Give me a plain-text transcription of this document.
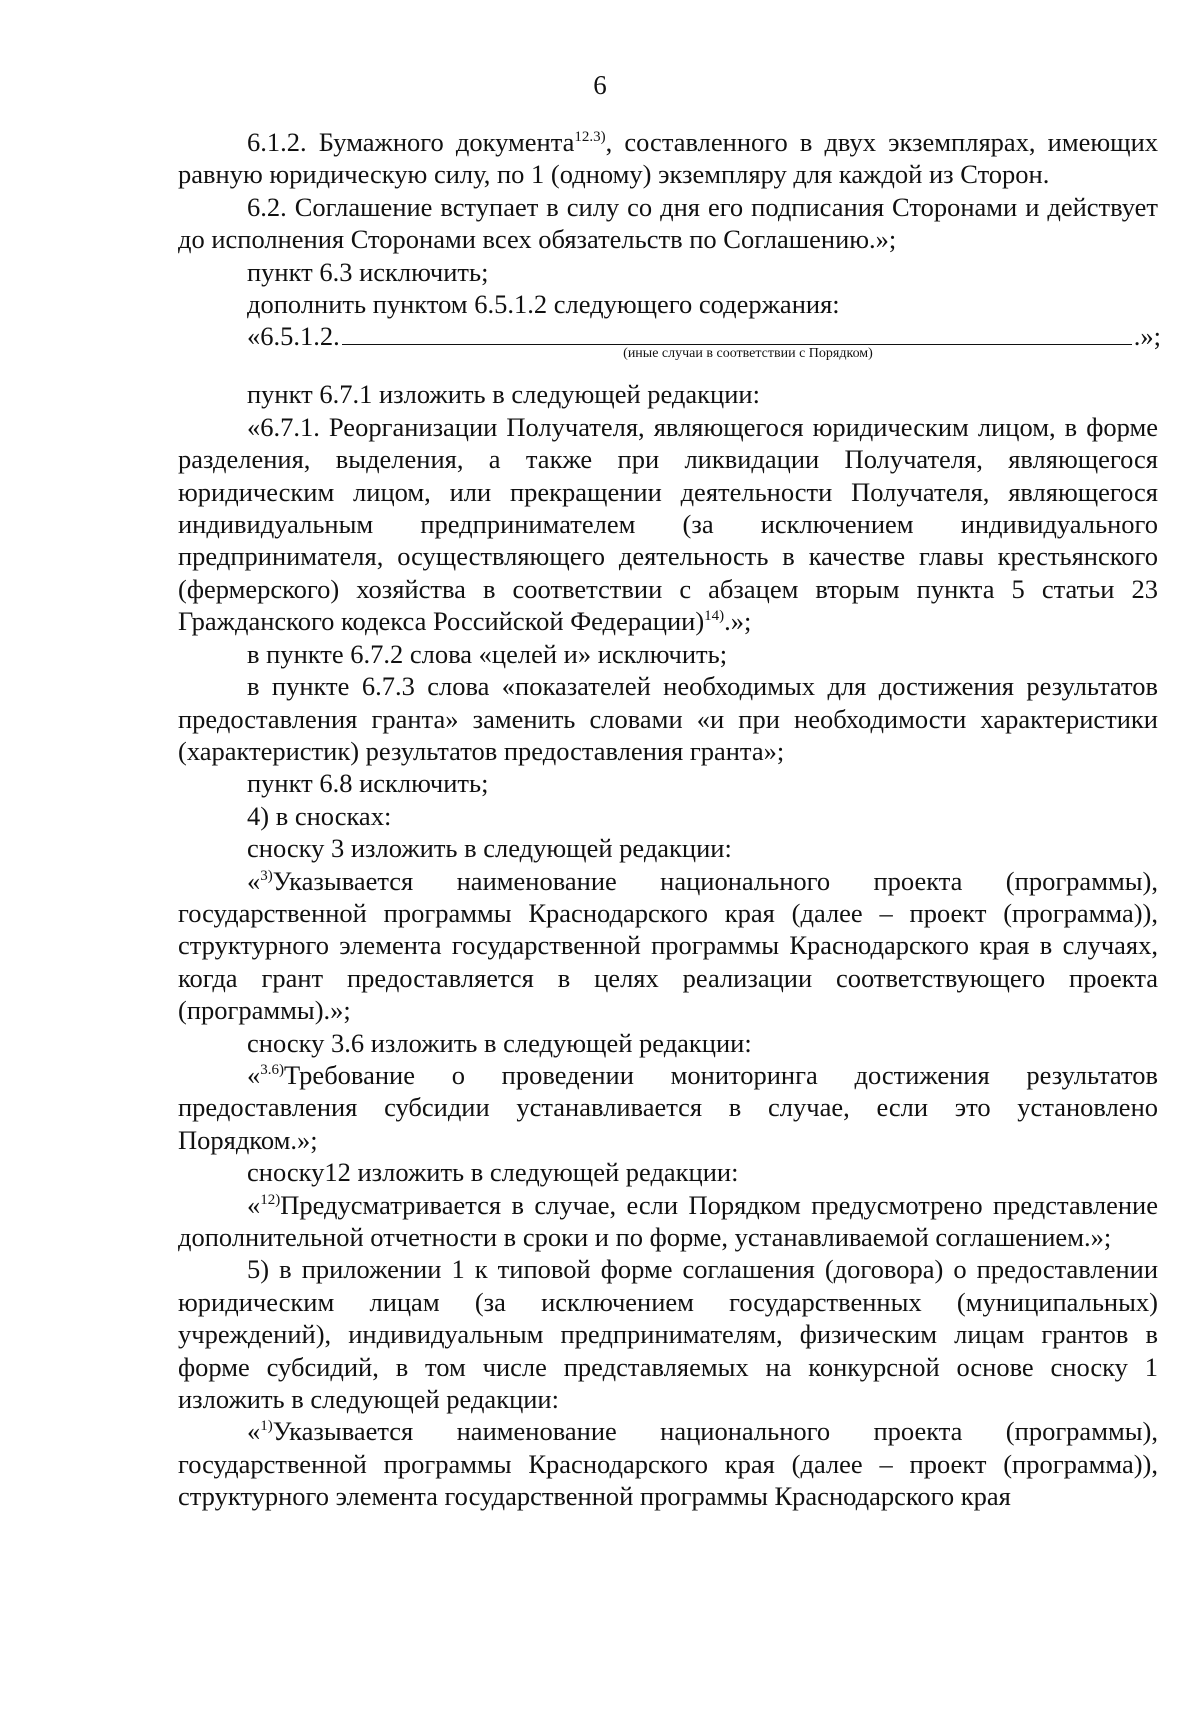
6

6.1.2. Бумажного документа$^{12.3)}$, составленного в двух экземплярах, имеющих равную юридическую силу, по 1 (одному) экземпляру для каждой из Сторон.

6.2. Соглашение вступает в силу со дня его подписания Сторонами и действует до исполнения Сторонами всех обязательств по Соглашению.»;

пункт 6.3 исключить;

дополнить пунктом 6.5.1.2 следующего содержания:

«6.5.1.2.	.»;

(иные случаи в соответствии с Порядком)

пункт 6.7.1 изложить в следующей редакции:

«6.7.1. Реорганизации Получателя, являющегося юридическим лицом, в форме разделения, выделения, а также при ликвидации Получателя, являющегося юридическим лицом, или прекращении деятельности Получателя, являющегося индивидуальным предпринимателем (за исключением индивидуального предпринимателя, осуществляющего деятельность в качестве главы крестьянского (фермерского) хозяйства в соответствии с абзацем вторым пункта 5 статьи 23 Гражданского кодекса Российской Федерации)$^{14)}$.»;

в пункте 6.7.2 слова «целей и» исключить;

в пункте 6.7.3 слова «показателей необходимых для достижения результатов предоставления гранта» заменить словами «и при необходимости характеристики (характеристик) результатов предоставления гранта»;

пункт 6.8 исключить;

4) в сносках:

сноску 3 изложить в следующей редакции:

«$^{3)}$Указывается наименование национального проекта (программы), государственной программы Краснодарского края (далее – проект (программа)), структурного элемента государственной программы Краснодарского края в случаях, когда грант предоставляется в целях реализации соответствующего проекта (программы).»;

сноску 3.6 изложить в следующей редакции:

«$^{3.6)}$Требование о проведении мониторинга достижения результатов предоставления субсидии устанавливается в случае, если это установлено Порядком.»;

сноску12 изложить в следующей редакции:

«$^{12)}$Предусматривается в случае, если Порядком предусмотрено представление дополнительной отчетности в сроки и по форме, устанавливаемой соглашением.»;

5) в приложении 1 к типовой форме соглашения (договора) о предоставлении юридическим лицам (за исключением государственных (муниципальных) учреждений), индивидуальным предпринимателям, физическим лицам грантов в форме субсидий, в том числе представляемых на конкурсной основе сноску 1 изложить в следующей редакции:

«$^{1)}$Указывается наименование национального проекта (программы), государственной программы Краснодарского края (далее – проект (программа)), структурного элемента государственной программы Краснодарского края
